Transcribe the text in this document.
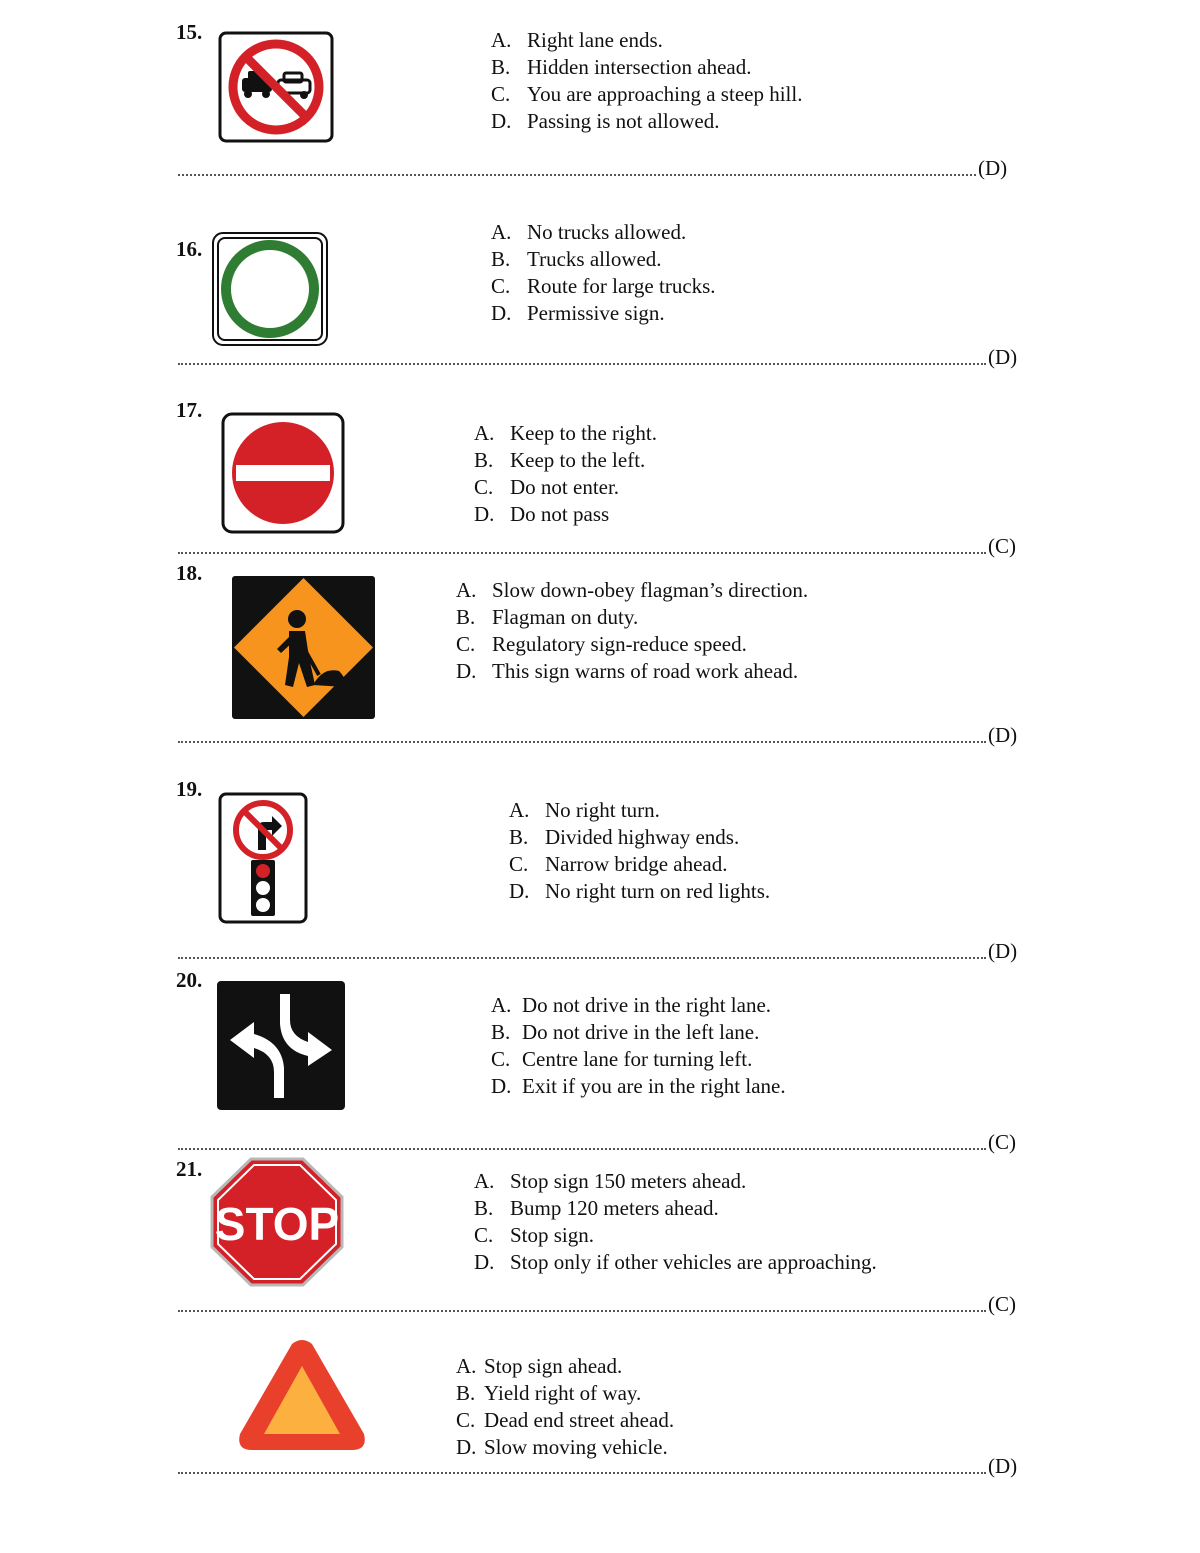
15.	A. Right lane ends.
B. Hidden intersection ahead.
C. You are approaching a steep hill.
D. Passing is not allowed.
(D)
16.
A. No trucks allowed.
B. Trucks allowed.
C. Route for large trucks.
D. Permissive sign.
(D)
17.
A. Keep to the right.
B. Keep to the left.
C. Do not enter.
D. Do not pass
(C)
18.
A. Slow down-obey flagman’s direction.
B. Flagman on duty.
C. Regulatory sign-reduce speed.
D. This sign warns of road work ahead.
(D)
19.
A. No right turn.
B. Divided highway ends.
C. Narrow bridge ahead.
D. No right turn on red lights.
(D)
20.
A. Do not drive in the right lane.
B. Do not drive in the left lane.
C. Centre lane for turning left.
D. Exit if you are in the right lane.
(C)
21.
STOP
A. Stop sign 150 meters ahead.
B. Bump 120 meters ahead.
C. Stop sign.
D. Stop only if other vehicles are approaching.
(C)
A. Stop sign ahead.
B. Yield right of way.
C. Dead end street ahead.
D. Slow moving vehicle.
(D)
